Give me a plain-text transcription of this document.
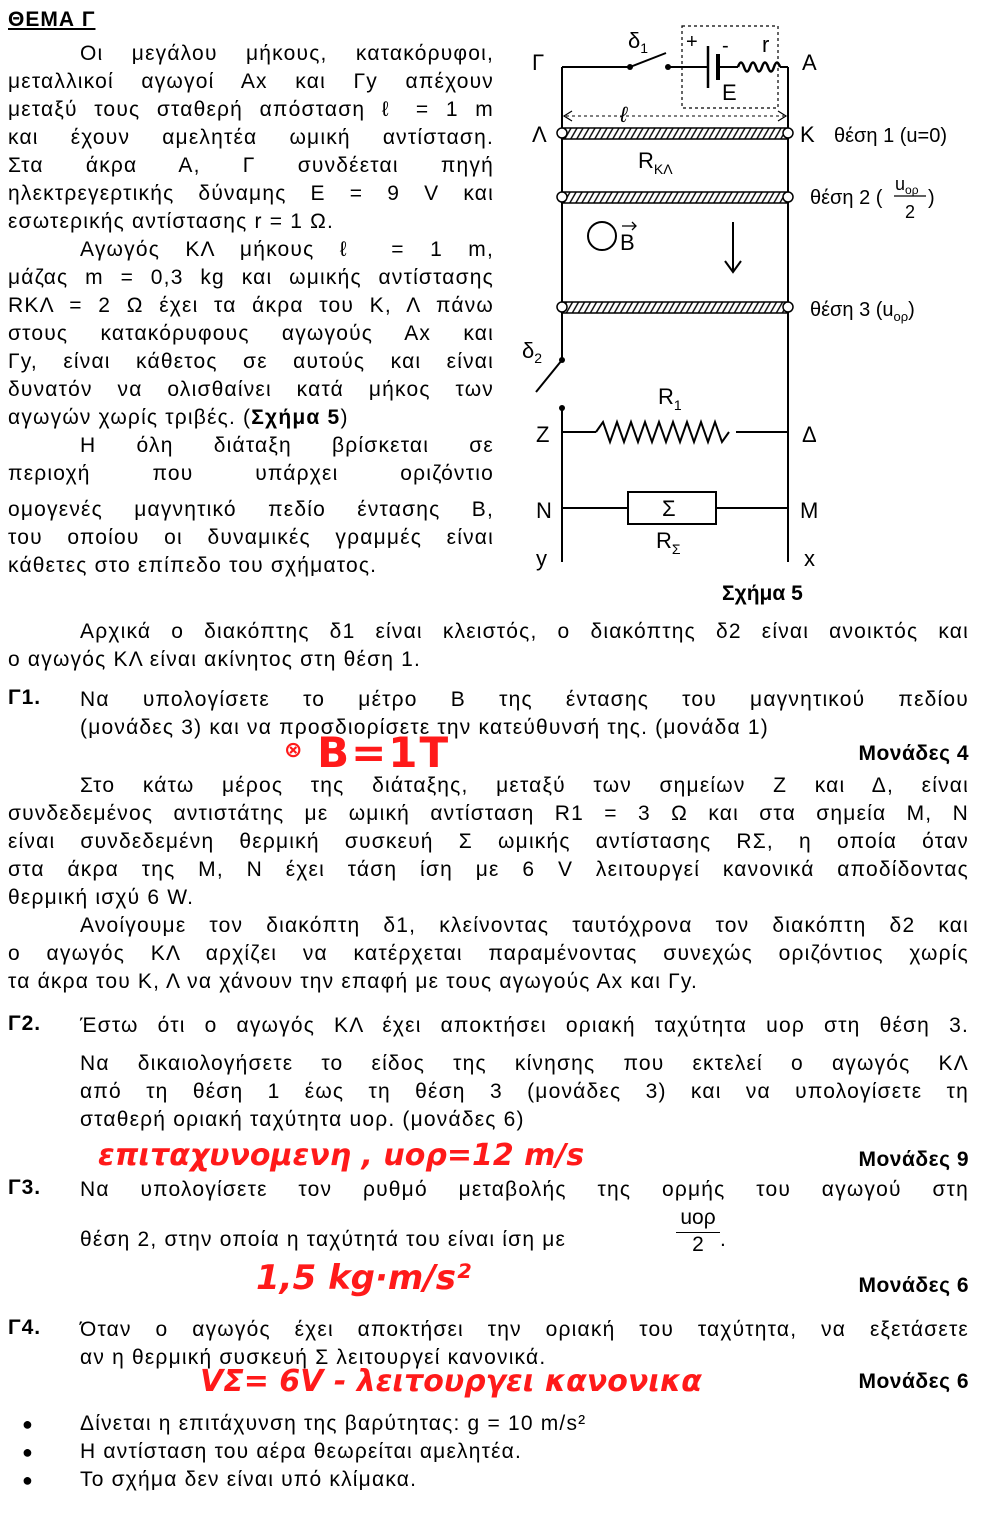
ΘΕΜΑ Γ
Οι μεγάλου μήκους, κατακόρυφοι,
μεταλλικοί αγωγοί Αx και Γy απέχουν
μεταξύ τους σταθερή απόσταση ℓ = 1 m
και έχουν αμελητέα ωμική αντίσταση.
Στα άκρα Α, Γ συνδέεται πηγή
ηλεκτρεγερτικής δύναμης Ε = 9 V και
εσωτερικής αντίστασης r = 1 Ω.
Αγωγός ΚΛ μήκους ℓ = 1 m,
μάζας m = 0,3 kg και ωμικής αντίστασης
RΚΛ = 2 Ω έχει τα άκρα του Κ, Λ πάνω
στους κατακόρυφους αγωγούς Αx και
Γy, είναι κάθετος σε αυτούς και είναι
δυνατόν να ολισθαίνει κατά μήκος των
αγωγών χωρίς τριβές. (Σχήμα 5)
Η όλη διάταξη βρίσκεται σε
περιοχή που υπάρχει οριζόντιο
ομογενές μαγνητικό πεδίο έντασης B,
του οποίου οι δυναμικές γραμμές είναι
κάθετες στο επίπεδο του σχήματος.
+ - r
E
$\delta_1$
$\delta_2$
Γ	Α
ℓ
Λ	Κ θέση 1 (u=0)
$R_{K\Lambda}$
θέση 2 (
$u_{o\rho}$
2
)
B
θέση 3 $(u_{o\rho})$
$R_1$
Ζ	Δ
Σ
$R_\Sigma$
Ν	Μ
y	x
Σχήμα 5
Αρχικά ο διακόπτης δ1 είναι κλειστός, ο διακόπτης δ2 είναι ανοικτός και
ο αγωγός ΚΛ είναι ακίνητος στη θέση 1.
Γ1. Να υπολογίσετε το μέτρο Β της έντασης του μαγνητικού πεδίου
(μονάδες 3) και να προσδιορίσετε την κατεύθυνσή της. (μονάδα 1)
Μονάδες 4
⊗ B=1T
Στο κάτω μέρος της διάταξης, μεταξύ των σημείων Ζ και Δ, είναι
συνδεδεμένος αντιστάτης με ωμική αντίσταση R1 = 3 Ω και στα σημεία Μ, Ν
είναι συνδεδεμένη θερμική συσκευή Σ ωμικής αντίστασης RΣ, η οποία όταν
στα άκρα της Μ, Ν έχει τάση ίση με 6 V λειτουργεί κανονικά αποδίδοντας
θερμική ισχύ 6 W.
Ανοίγουμε τον διακόπτη δ1, κλείνοντας ταυτόχρονα τον διακόπτη δ2 και
ο αγωγός ΚΛ αρχίζει να κατέρχεται παραμένοντας συνεχώς οριζόντιος χωρίς
τα άκρα του Κ, Λ να χάνουν την επαφή με τους αγωγούς Αx και Γy.
Γ2. Έστω ότι ο αγωγός ΚΛ έχει αποκτήσει οριακή ταχύτητα uορ στη θέση 3.
Να δικαιολογήσετε το είδος της κίνησης που εκτελεί ο αγωγός ΚΛ
από τη θέση 1 έως τη θέση 3 (μονάδες 3) και να υπολογίσετε τη
σταθερή οριακή ταχύτητα uορ. (μονάδες 6)
επιταχυνομενη , uορ=12 m/s	Μονάδες 9
Γ3. Να υπολογίσετε τον ρυθμό μεταβολής της ορμής του αγωγού στη
θέση 2, στην οποία η ταχύτητά του είναι ίση με
uορ
2 .
1,5 kg·m/s²	Μονάδες 6
Γ4. Όταν ο αγωγός έχει αποκτήσει την οριακή του ταχύτητα, να εξετάσετε
αν η θερμική συσκευή Σ λειτουργεί κανονικά.
Μονάδες 6
VΣ= 6V - λειτουργει κανονικα
● Δίνεται η επιτάχυνση της βαρύτητας: g = 10 m/s²
● Η αντίσταση του αέρα θεωρείται αμελητέα.
● Το σχήμα δεν είναι υπό κλίμακα.
